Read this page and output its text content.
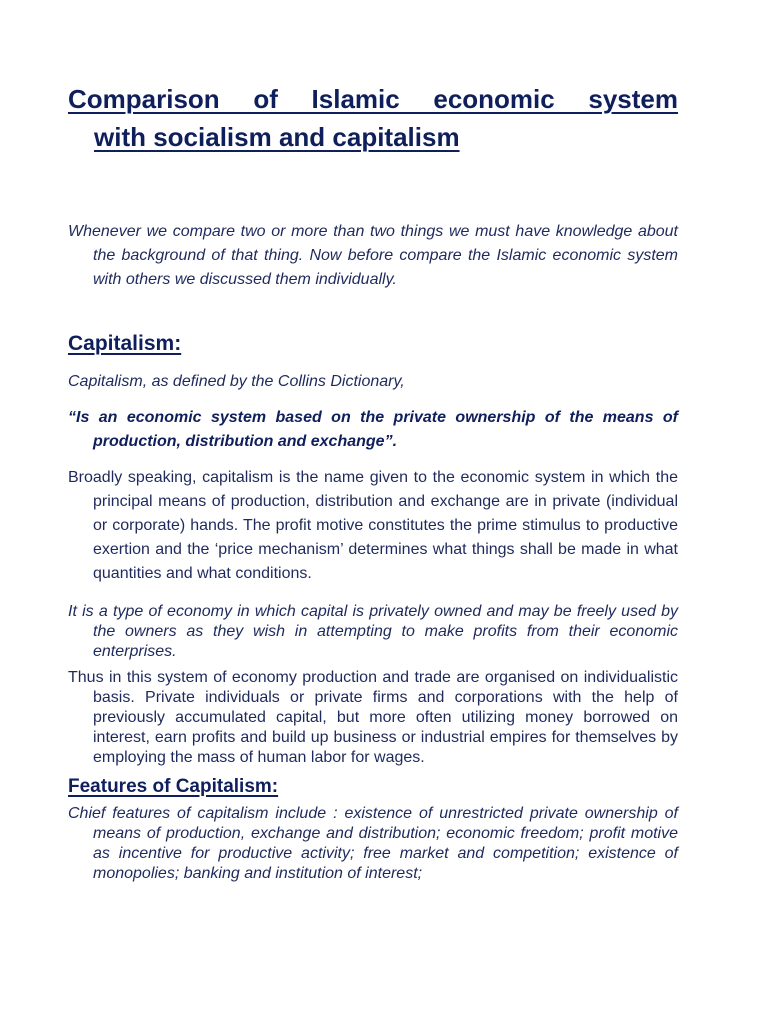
Comparison of Islamic economic system
with socialism and capitalism

Whenever we compare two or more than two things we must have knowledge about the background of that thing. Now before compare the Islamic economic system with others we discussed them individually.

Capitalism:

Capitalism, as defined by the Collins Dictionary,

“Is an economic system based on the private ownership of the means of production, distribution and exchange”.

Broadly speaking, capitalism is the name given to the economic system in which the principal means of production, distribution and exchange are in private (individual or corporate) hands. The profit motive constitutes the prime stimulus to productive exertion and the ‘price mechanism’ determines what things shall be made in what quantities and what conditions.

It is a type of economy in which capital is privately owned and may be freely used by the owners as they wish in attempting to make profits from their economic enterprises.

Thus in this system of economy production and trade are organised on individualistic basis. Private individuals or private firms and corporations with the help of previously accumulated capital, but more often utilizing money borrowed on interest, earn profits and build up business or industrial empires for themselves by employing the mass of human labor for wages.

Features of Capitalism:

Chief features of capitalism include : existence of unrestricted private ownership of means of production, exchange and distribution; economic freedom; profit motive as incentive for productive activity; free market and competition; existence of monopolies; banking and institution of interest;
